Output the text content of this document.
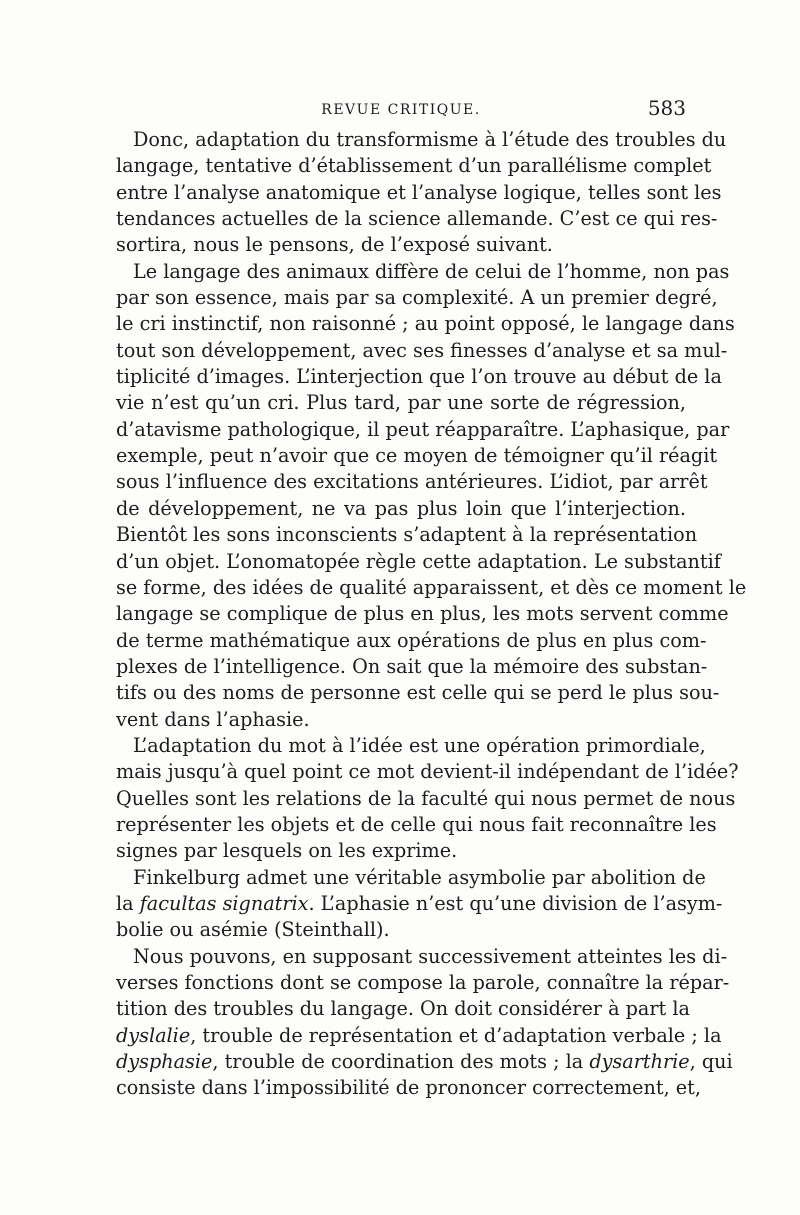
REVUE CRITIQUE.	583

Donc, adaptation du transformisme à l’étude des troubles du
langage, tentative d’établissement d’un parallélisme complet
entre l’analyse anatomique et l’analyse logique, telles sont les
tendances actuelles de la science allemande. C’est ce qui res-
sortira, nous le pensons, de l’exposé suivant.

Le langage des animaux diffère de celui de l’homme, non pas
par son essence, mais par sa complexité. A un premier degré,
le cri instinctif, non raisonné ; au point opposé, le langage dans
tout son développement, avec ses finesses d’analyse et sa mul-
tiplicité d’images. L’interjection que l’on trouve au début de la
vie n’est qu’un cri. Plus tard, par une sorte de régression,
d’atavisme pathologique, il peut réapparaître. L’aphasique, par
exemple, peut n’avoir que ce moyen de témoigner qu’il réagit
sous l’influence des excitations antérieures. L’idiot, par arrêt
de développement, ne va pas plus loin que l’interjection.
Bientôt les sons inconscients s’adaptent à la représentation
d’un objet. L’onomatopée règle cette adaptation. Le substantif
se forme, des idées de qualité apparaissent, et dès ce moment le
langage se complique de plus en plus, les mots servent comme
de terme mathématique aux opérations de plus en plus com-
plexes de l’intelligence. On sait que la mémoire des substan-
tifs ou des noms de personne est celle qui se perd le plus sou-
vent dans l’aphasie.

L’adaptation du mot à l’idée est une opération primordiale,
mais jusqu’à quel point ce mot devient-il indépendant de l’idée?
Quelles sont les relations de la faculté qui nous permet de nous
représenter les objets et de celle qui nous fait reconnaître les
signes par lesquels on les exprime.

Finkelburg admet une véritable asymbolie par abolition de
la facultas signatrix. L’aphasie n’est qu’une division de l’asym-
bolie ou asémie (Steinthall).

Nous pouvons, en supposant successivement atteintes les di-
verses fonctions dont se compose la parole, connaître la répar-
tition des troubles du langage. On doit considérer à part la
dyslalie, trouble de représentation et d’adaptation verbale ; la
dysphasie, trouble de coordination des mots ; la dysarthrie, qui
consiste dans l’impossibilité de prononcer correctement, et,
